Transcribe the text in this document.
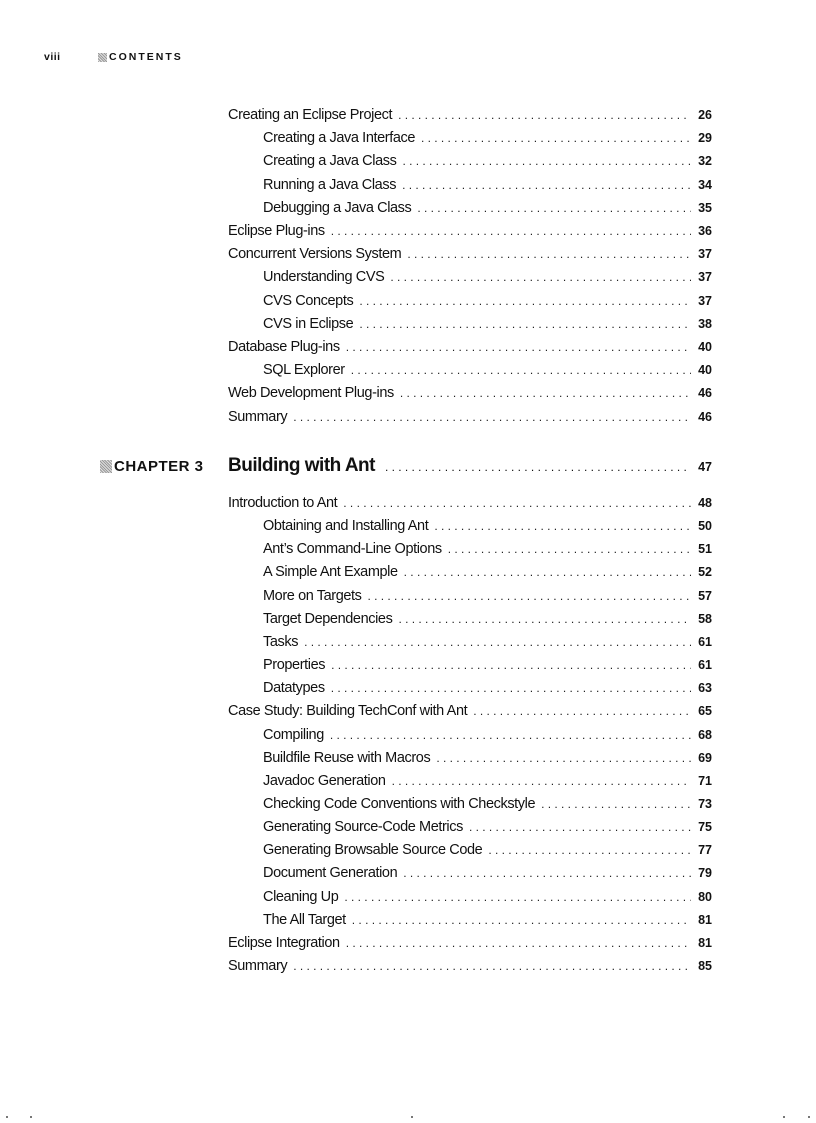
viii	CONTENTS
Creating an Eclipse Project .....	26
Creating a Java Interface .....	29
Creating a Java Class .....	32
Running a Java Class .....	34
Debugging a Java Class .....	35
Eclipse Plug-ins .....	36
Concurrent Versions System .....	37
Understanding CVS .....	37
CVS Concepts .....	37
CVS in Eclipse .....	38
Database Plug-ins .....	40
SQL Explorer .....	40
Web Development Plug-ins .....	46
Summary .....	46
CHAPTER 3 Building with Ant .....	47
Introduction to Ant .....	48
Obtaining and Installing Ant .....	50
Ant’s Command-Line Options .....	51
A Simple Ant Example .....	52
More on Targets .....	57
Target Dependencies .....	58
Tasks .....	61
Properties .....	61
Datatypes .....	63
Case Study: Building TechConf with Ant .....	65
Compiling .....	68
Buildfile Reuse with Macros .....	69
Javadoc Generation .....	71
Checking Code Conventions with Checkstyle .....	73
Generating Source-Code Metrics .....	75
Generating Browsable Source Code .....	77
Document Generation .....	79
Cleaning Up .....	80
The All Target .....	81
Eclipse Integration .....	81
Summary .....	85
